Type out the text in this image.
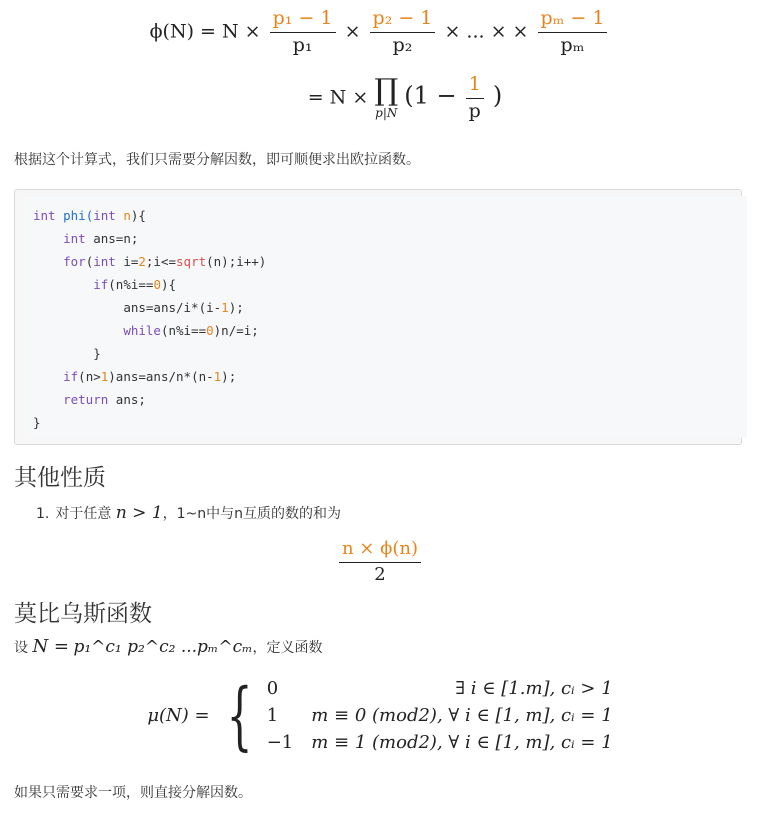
$\phi(N) = N \times \frac{\text{p₁ − 1}}{\text{p₁}} \times \frac{\text{p₂ − 1}}{\text{p₂}}$ × ... × × $\frac{\text{pₘ − 1}}{\text{pₘ}}$
= N × ∏
p|N
($1 - \frac{1}{p}$ )

根据这个计算式，我们只需要分解因数，即可顺便求出欧拉函数。

int phi(int n){
int ans=n;
for(int i=2;i<=sqrt(n);i++)
if(n%i==0){
ans=ans/i*(i-1);
while(n%i==0)n/=i;
}
if(n>1)ans=ans/n*(n-1);
return ans;
}
其他性质
1. 对于任意 n > 1，1~n中与n互质的数的和为
$\frac{n \times \phi(n)}{2}$
莫比乌斯函数

设 N = p₁^c₁ p₂^c₂ ...pₘ^cₘ，定义函数

μ(N) = { 0	∃ i ∈ [1.m], cᵢ > 1
1	m ≡ 0 (mod2), ∀ i ∈ [1, m], cᵢ = 1
−1 m ≡ 1 (mod2), ∀ i ∈ [1, m], cᵢ = 1

如果只需要求一项，则直接分解因数。
